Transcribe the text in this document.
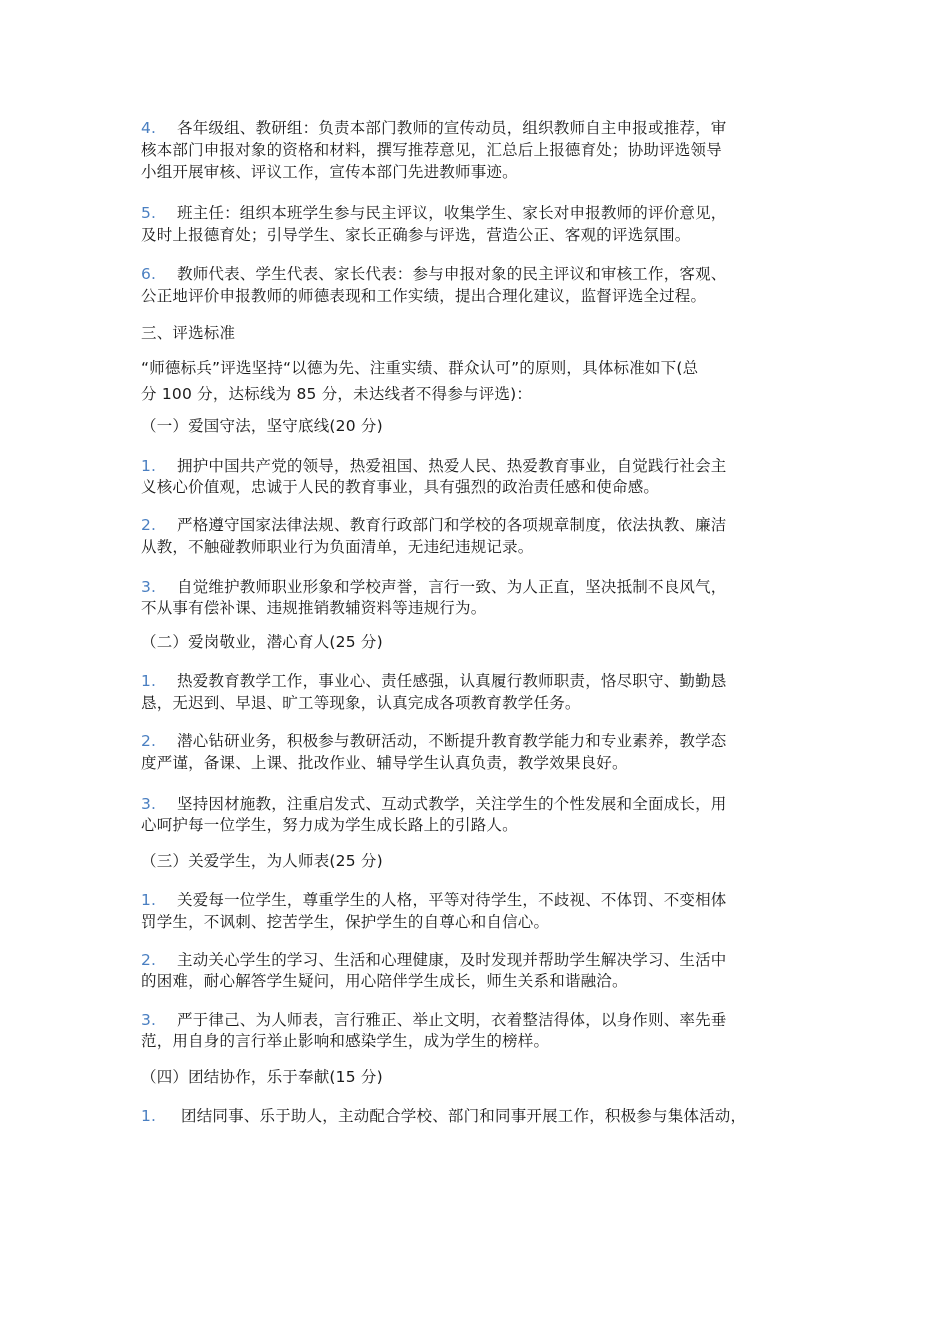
4. 各年级组、教研组：负责本部门教师的宣传动员，组织教师自主申报或推荐，审
核本部门申报对象的资格和材料，撰写推荐意见，汇总后上报德育处；协助评选领导
小组开展审核、评议工作，宣传本部门先进教师事迹。
5. 班主任：组织本班学生参与民主评议，收集学生、家长对申报教师的评价意见，
及时上报德育处；引导学生、家长正确参与评选，营造公正、客观的评选氛围。
6. 教师代表、学生代表、家长代表：参与申报对象的民主评议和审核工作，客观、
公正地评价申报教师的师德表现和工作实绩，提出合理化建议，监督评选全过程。
三、评选标准
“师德标兵”评选坚持“以德为先、注重实绩、群众认可”的原则，具体标准如下(总
分 100 分，达标线为 85 分，未达线者不得参与评选)：
（一）爱国守法，坚守底线(20 分)
1. 拥护中国共产党的领导，热爱祖国、热爱人民、热爱教育事业，自觉践行社会主
义核心价值观，忠诚于人民的教育事业，具有强烈的政治责任感和使命感。
2. 严格遵守国家法律法规、教育行政部门和学校的各项规章制度，依法执教、廉洁
从教，不触碰教师职业行为负面清单，无违纪违规记录。
3. 自觉维护教师职业形象和学校声誉，言行一致、为人正直，坚决抵制不良风气，
不从事有偿补课、违规推销教辅资料等违规行为。
（二）爱岗敬业，潜心育人(25 分)
1. 热爱教育教学工作，事业心、责任感强，认真履行教师职责，恪尽职守、勤勤恳
恳，无迟到、早退、旷工等现象，认真完成各项教育教学任务。
2. 潜心钻研业务，积极参与教研活动，不断提升教育教学能力和专业素养，教学态
度严谨，备课、上课、批改作业、辅导学生认真负责，教学效果良好。
3. 坚持因材施教，注重启发式、互动式教学，关注学生的个性发展和全面成长，用
心呵护每一位学生，努力成为学生成长路上的引路人。
（三）关爱学生，为人师表(25 分)
1. 关爱每一位学生，尊重学生的人格，平等对待学生，不歧视、不体罚、不变相体
罚学生，不讽刺、挖苦学生，保护学生的自尊心和自信心。
2. 主动关心学生的学习、生活和心理健康，及时发现并帮助学生解决学习、生活中
的困难，耐心解答学生疑问，用心陪伴学生成长，师生关系和谐融洽。
3. 严于律己、为人师表，言行雅正、举止文明，衣着整洁得体，以身作则、率先垂
范，用自身的言行举止影响和感染学生，成为学生的榜样。
（四）团结协作，乐于奉献(15 分)
1. 团结同事、乐于助人，主动配合学校、部门和同事开展工作，积极参与集体活动，
